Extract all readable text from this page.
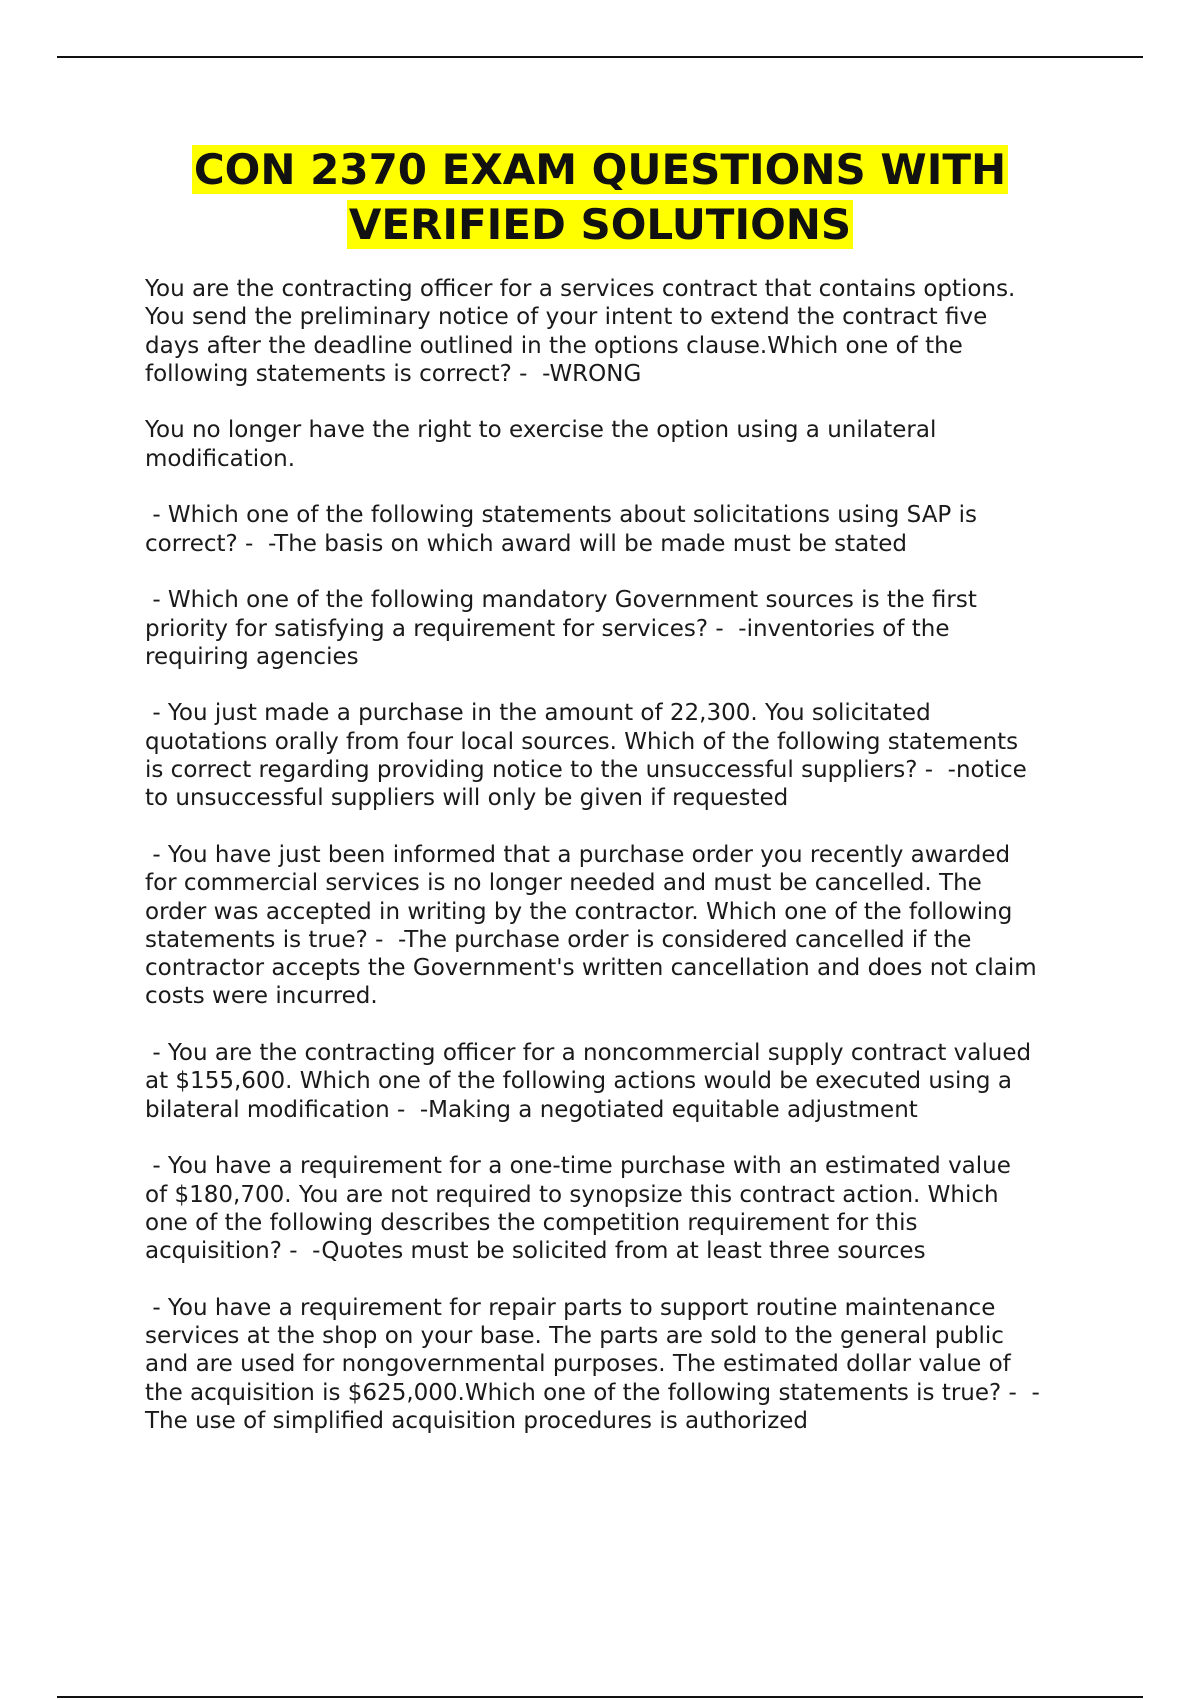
CON 2370 EXAM QUESTIONS WITH
VERIFIED SOLUTIONS

You are the contracting officer for a services contract that contains options.
You send the preliminary notice of your intent to extend the contract five
days after the deadline outlined in the options clause.Which one of the
following statements is correct? -  -WRONG

You no longer have the right to exercise the option using a unilateral
modification.

- Which one of the following statements about solicitations using SAP is
correct? -  -The basis on which award will be made must be stated

- Which one of the following mandatory Government sources is the first
priority for satisfying a requirement for services? -  -inventories of the
requiring agencies

- You just made a purchase in the amount of 22,300. You solicitated
quotations orally from four local sources. Which of the following statements
is correct regarding providing notice to the unsuccessful suppliers? -  -notice
to unsuccessful suppliers will only be given if requested

- You have just been informed that a purchase order you recently awarded
for commercial services is no longer needed and must be cancelled. The
order was accepted in writing by the contractor. Which one of the following
statements is true? -  -The purchase order is considered cancelled if the
contractor accepts the Government's written cancellation and does not claim
costs were incurred.

- You are the contracting officer for a noncommercial supply contract valued
at $155,600. Which one of the following actions would be executed using a
bilateral modification -  -Making a negotiated equitable adjustment

- You have a requirement for a one-time purchase with an estimated value
of $180,700. You are not required to synopsize this contract action. Which
one of the following describes the competition requirement for this
acquisition? -  -Quotes must be solicited from at least three sources

- You have a requirement for repair parts to support routine maintenance
services at the shop on your base. The parts are sold to the general public
and are used for nongovernmental purposes. The estimated dollar value of
the acquisition is $625,000.Which one of the following statements is true? -  -
The use of simplified acquisition procedures is authorized
